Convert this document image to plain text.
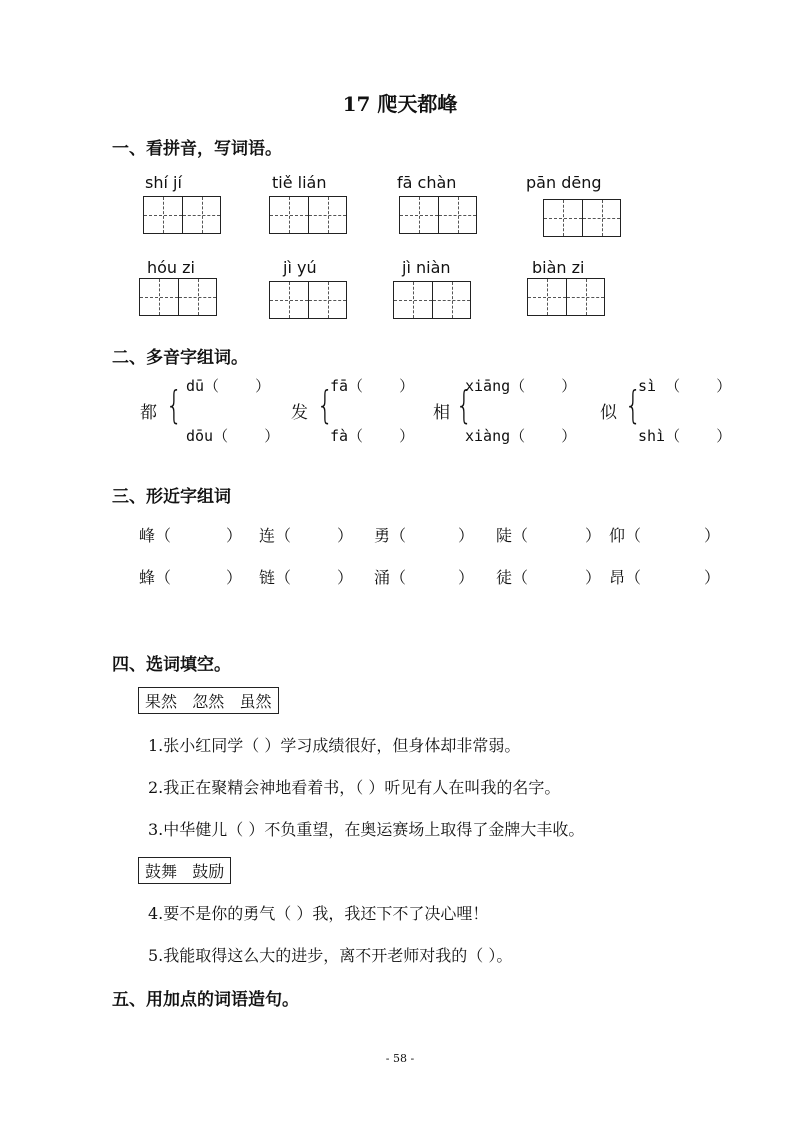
17 爬天都峰
一、看拼音，写词语。
shí jí	tiě lián	fā chàn	pān dēng
hóu zi	jì yú	jì niàn	biàn zi
二、多音字组词。
都 { dū（    ）
dōu（    ）
发 {
fā（    ）
fà（    ）
相 {
xiāng（    ）
xiàng（    ）
似 {
sì （    ）
shì（    ）
三、形近字组词
峰（	） 连（	） 勇（	） 陡（	） 仰（	）
蜂（	） 链（	） 涌（	） 徒（	） 昂（	）
四、选词填空。
果然   忽然   虽然
1.张小红同学（ ）学习成绩很好，但身体却非常弱。
2.我正在聚精会神地看着书，（ ）听见有人在叫我的名字。
3.中华健儿（ ）不负重望，在奥运赛场上取得了金牌大丰收。
鼓舞   鼓励
4.要不是你的勇气（ ）我，我还下不了决心哩！
5.我能取得这么大的进步，离不开老师对我的（ ）。
五、用加点的词语造句。
- 58 -
